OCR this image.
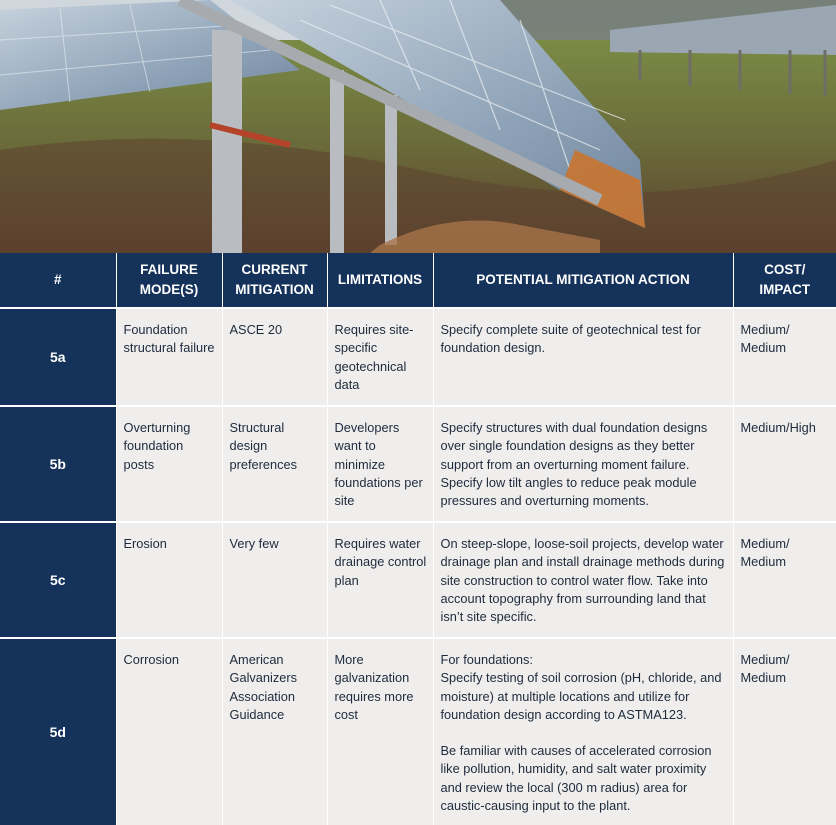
#	FAILURE MODE(S)	CURRENT MITIGATION	LIMITATIONS	POTENTIAL MITIGATION ACTION	COST/ IMPACT
5a	Foundation structural failure	ASCE 20	Requires site-specific geotechnical data	Specify complete suite of geotechnical test for foundation design.	Medium/ Medium
5b	Overturning foundation posts	Structural design preferences	Developers want to minimize foundations per site	Specify structures with dual foundation designs over single foundation designs as they better support from an overturning moment failure. Specify low tilt angles to reduce peak module pressures and overturning moments.	Medium/High
5c	Erosion	Very few	Requires water drainage control plan	On steep-slope, loose-soil projects, develop water drainage plan and install drainage methods during site construction to control water flow. Take into account topography from surrounding land that isn’t site specific.	Medium/ Medium
5d	Corrosion	American Galvanizers Association Guidance	More galvanization requires more cost	For foundations:
Specify testing of soil corrosion (pH, chloride, and moisture) at multiple locations and utilize for foundation design according to ASTMA123.
Be familiar with causes of accelerated corrosion like pollution, humidity, and salt water proximity and review the local (300 m radius) area for caustic-causing input to the plant.	Medium/ Medium
